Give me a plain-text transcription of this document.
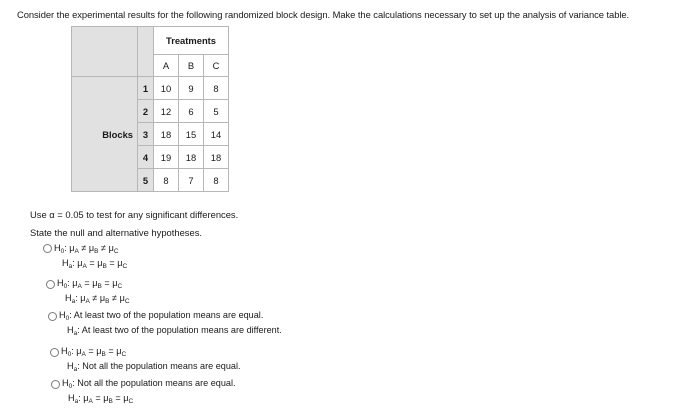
Consider the experimental results for the following randomized block design. Make the calculations necessary to set up the analysis of variance table.
		Treatments		
		A	B	C
Blocks	1	10	9	8
	2	12	6	5
	3	18	15	14
	4	19	18	18
	5	8	7	8
Use α = 0.05 to test for any significant differences.
State the null and alternative hypotheses.
$H_0$: $\mu_A \ne \mu_B \ne \mu_C$
$H_a$: $\mu_A = \mu_B = \mu_C$
$H_0$: $\mu_A = \mu_B = \mu_C$
$H_a$: $\mu_A \ne \mu_B \ne \mu_C$
$H_0$: At least two of the population means are equal.
$H_a$: At least two of the population means are different.
$H_0$: $\mu_A = \mu_B = \mu_C$
$H_a$: Not all the population means are equal.
$H_0$: Not all the population means are equal.
$H_a$: $\mu_A = \mu_B = \mu_C$
